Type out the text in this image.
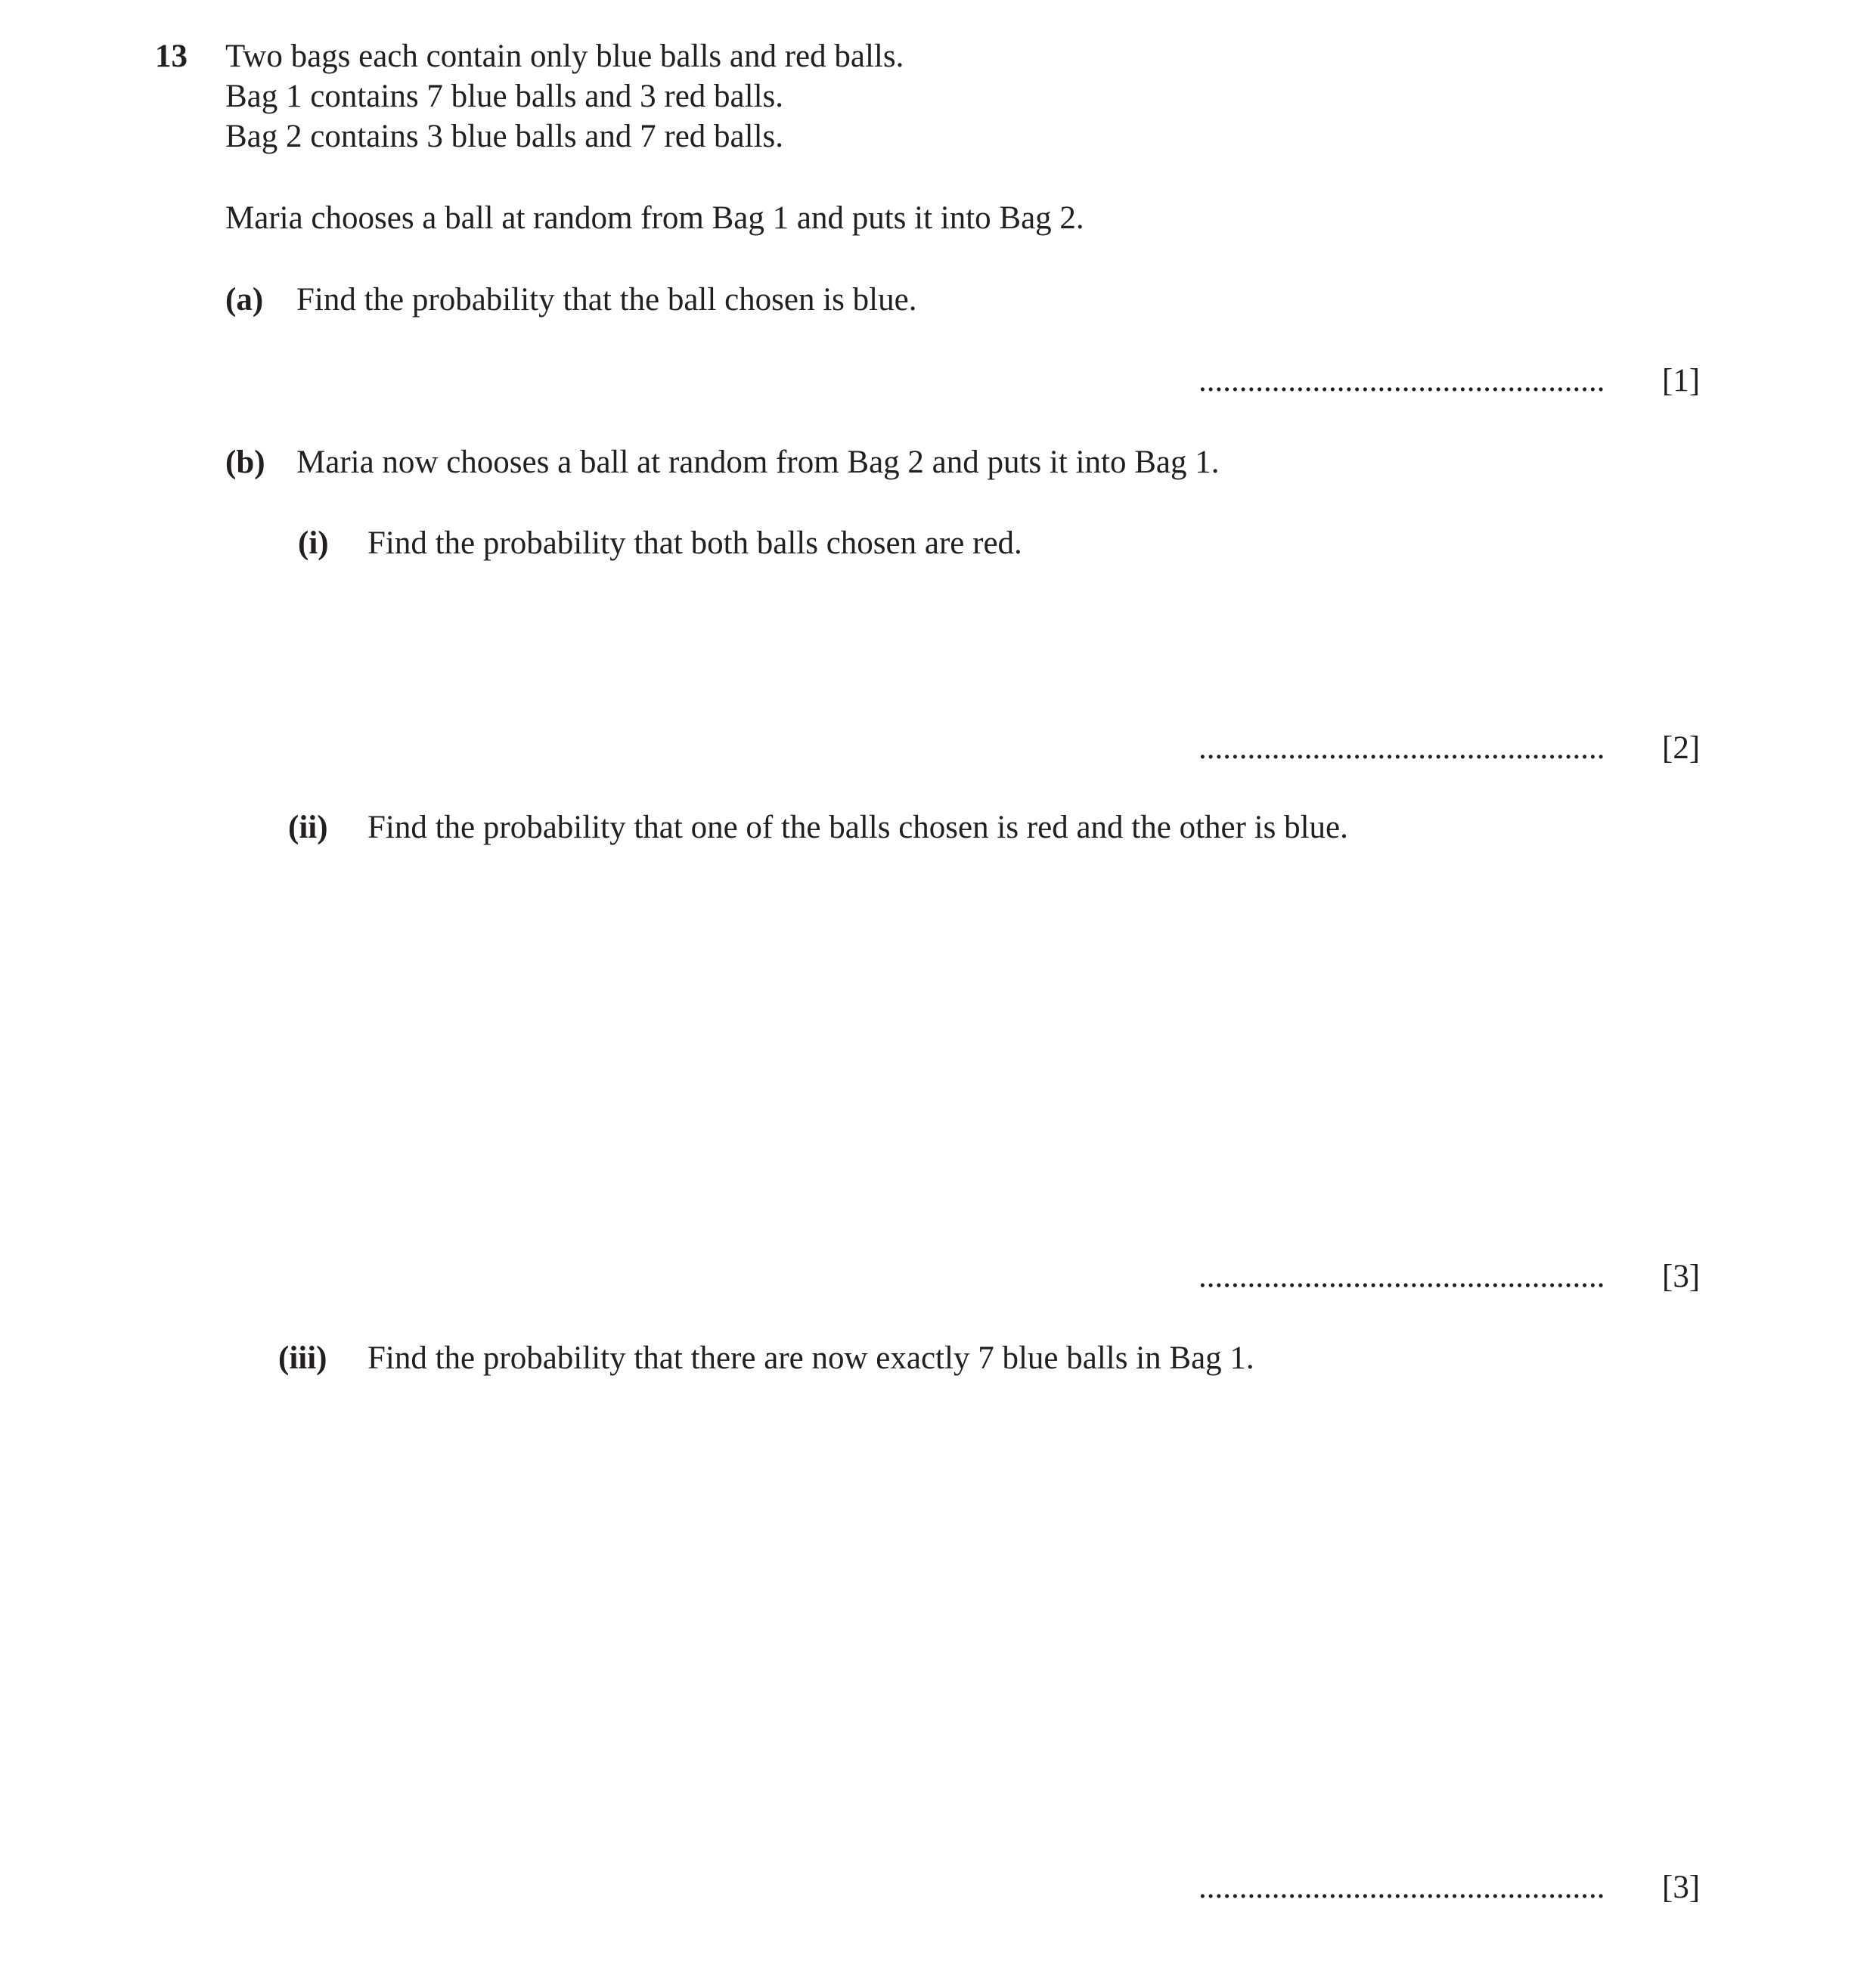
13 Two bags each contain only blue balls and red balls.
Bag 1 contains 7 blue balls and 3 red balls.
Bag 2 contains 3 blue balls and 7 red balls.
Maria chooses a ball at random from Bag 1 and puts it into Bag 2.
(a) Find the probability that the ball chosen is blue.
..................................................	[1]
(b) Maria now chooses a ball at random from Bag 2 and puts it into Bag 1.
(i) Find the probability that both balls chosen are red.
..................................................	[2]
(ii) Find the probability that one of the balls chosen is red and the other is blue.
..................................................	[3]
(iii) Find the probability that there are now exactly 7 blue balls in Bag 1.
..................................................	[3]
